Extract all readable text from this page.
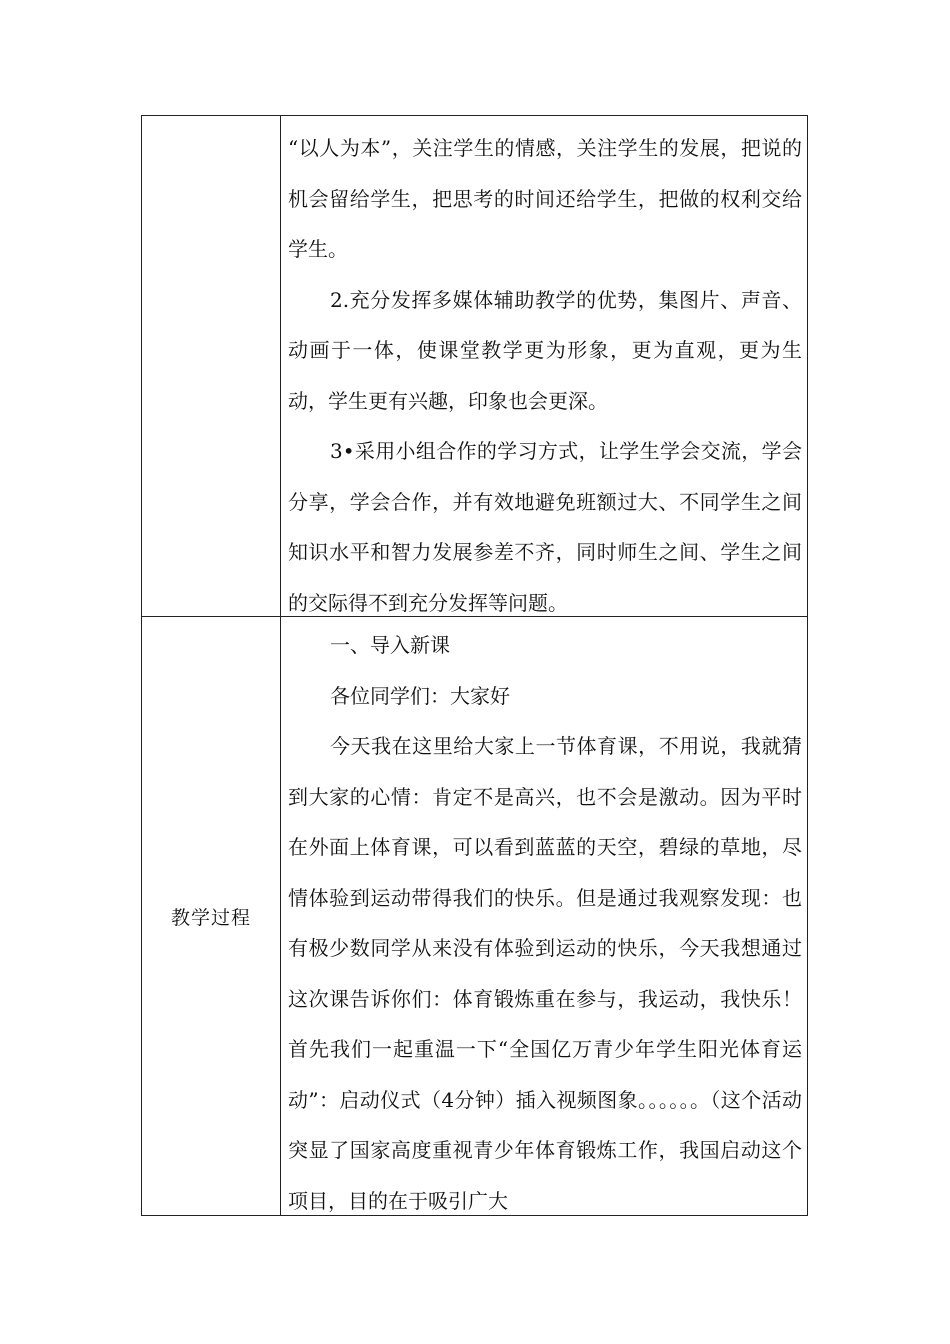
“以人为本”，关注学生的情感，关注学生的发展，把说的机会留给学生，把思考的时间还给学生，把做的权利交给学生。

2.充分发挥多媒体辅助教学的优势，集图片、声音、动画于一体，使课堂教学更为形象，更为直观，更为生动，学生更有兴趣，印象也会更深。

3•采用小组合作的学习方式，让学生学会交流，学会分享，学会合作，并有效地避免班额过大、不同学生之间知识水平和智力发展参差不齐，同时师生之间、学生之间的交际得不到充分发挥等问题。

教学过程

一、导入新课

各位同学们：大家好

今天我在这里给大家上一节体育课，不用说，我就猜到大家的心情：肯定不是高兴，也不会是激动。因为平时在外面上体育课，可以看到蓝蓝的天空，碧绿的草地，尽情体验到运动带得我们的快乐。但是通过我观察发现：也有极少数同学从来没有体验到运动的快乐，今天我想通过这次课告诉你们：体育锻炼重在参与，我运动，我快乐！首先我们一起重温一下“全国亿万青少年学生阳光体育运动”：启动仪式（4分钟）插入视频图象。。。。。。（这个活动突显了国家高度重视青少年体育锻炼工作，我国启动这个项目，目的在于吸引广大
